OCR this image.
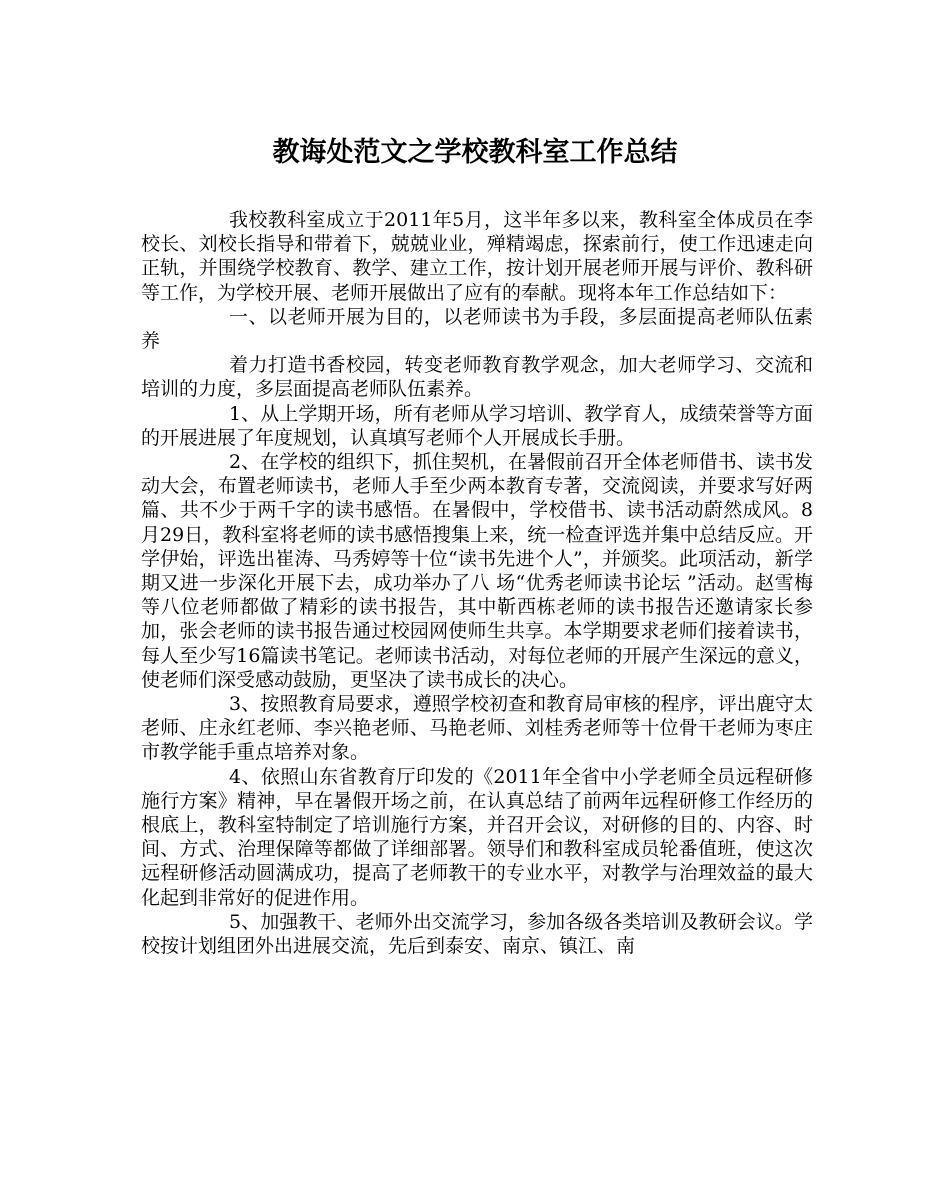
教诲处范文之学校教科室工作总结

我校教科室成立于2011年5月，这半年多以来，教科室全体成员在李校长、刘校长指导和带着下，兢兢业业，殚精竭虑，探索前行，使工作迅速走向正轨，并围绕学校教育、教学、建立工作，按计划开展老师开展与评价、教科研等工作，为学校开展、老师开展做出了应有的奉献。现将本年工作总结如下：

一、以老师开展为目的，以老师读书为手段，多层面提高老师队伍素养

着力打造书香校园，转变老师教育教学观念，加大老师学习、交流和培训的力度，多层面提高老师队伍素养。

1、从上学期开场，所有老师从学习培训、教学育人，成绩荣誉等方面的开展进展了年度规划，认真填写老师个人开展成长手册。

2、在学校的组织下，抓住契机，在暑假前召开全体老师借书、读书发动大会，布置老师读书，老师人手至少两本教育专著，交流阅读，并要求写好两篇、共不少于两千字的读书感悟。在暑假中，学校借书、读书活动蔚然成风。8月29日，教科室将老师的读书感悟搜集上来，统一检查评选并集中总结反应。开学伊始，评选出崔涛、马秀婷等十位“读书先进个人”，并颁奖。此项活动，新学期又进一步深化开展下去，成功举办了八 场“优秀老师读书论坛 ”活动。赵雪梅等八位老师都做了精彩的读书报告，其中靳西栋老师的读书报告还邀请家长参加，张会老师的读书报告通过校园网使师生共享。本学期要求老师们接着读书，每人至少写16篇读书笔记。老师读书活动，对每位老师的开展产生深远的意义，使老师们深受感动鼓励，更坚决了读书成长的决心。

3、按照教育局要求，遵照学校初查和教育局审核的程序，评出鹿守太老师、庄永红老师、李兴艳老师、马艳老师、刘桂秀老师等十位骨干老师为枣庄市教学能手重点培养对象。

4、依照山东省教育厅印发的《2011年全省中小学老师全员远程研修施行方案》精神，早在暑假开场之前，在认真总结了前两年远程研修工作经历的根底上，教科室特制定了培训施行方案，并召开会议，对研修的目的、内容、时间、方式、治理保障等都做了详细部署。领导们和教科室成员轮番值班，使这次远程研修活动圆满成功，提高了老师教干的专业水平，对教学与治理效益的最大化起到非常好的促进作用。

5、加强教干、老师外出交流学习，参加各级各类培训及教研会议。学校按计划组团外出进展交流，先后到泰安、南京、镇江、南
